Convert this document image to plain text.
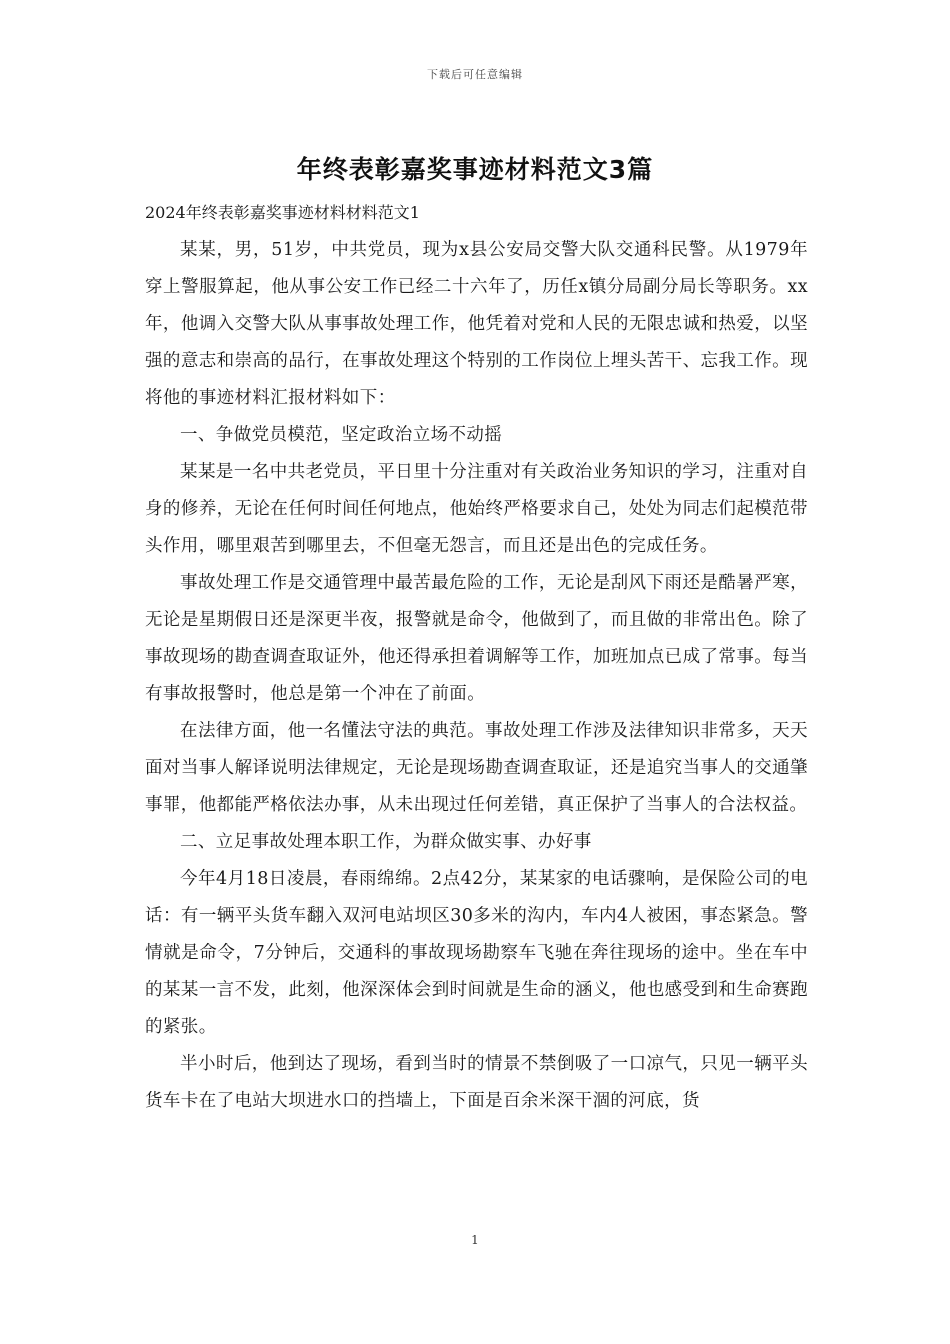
下载后可任意编辑
年终表彰嘉奖事迹材料范文3篇

2024年终表彰嘉奖事迹材料材料范文1

某某，男，51岁，中共党员，现为x县公安局交警大队交通科民警。从1979年穿上警服算起，他从事公安工作已经二十六年了，历任x镇分局副分局长等职务。xx年，他调入交警大队从事事故处理工作，他凭着对党和人民的无限忠诚和热爱，以坚强的意志和崇高的品行，在事故处理这个特别的工作岗位上埋头苦干、忘我工作。现将他的事迹材料汇报材料如下：

一、争做党员模范，坚定政治立场不动摇

某某是一名中共老党员，平日里十分注重对有关政治业务知识的学习，注重对自身的修养，无论在任何时间任何地点，他始终严格要求自己，处处为同志们起模范带头作用，哪里艰苦到哪里去，不但毫无怨言，而且还是出色的完成任务。

事故处理工作是交通管理中最苦最危险的工作，无论是刮风下雨还是酷暑严寒，无论是星期假日还是深更半夜，报警就是命令，他做到了，而且做的非常出色。除了事故现场的勘查调查取证外，他还得承担着调解等工作，加班加点已成了常事。每当有事故报警时，他总是第一个冲在了前面。

在法律方面，他一名懂法守法的典范。事故处理工作涉及法律知识非常多，天天面对当事人解译说明法律规定，无论是现场勘查调查取证，还是追究当事人的交通肇事罪，他都能严格依法办事，从未出现过任何差错，真正保护了当事人的合法权益。

二、立足事故处理本职工作，为群众做实事、办好事

今年4月18日凌晨，春雨绵绵。2点42分，某某家的电话骤响，是保险公司的电话：有一辆平头货车翻入双河电站坝区30多米的沟内，车内4人被困，事态紧急。警情就是命令，7分钟后，交通科的事故现场勘察车飞驰在奔往现场的途中。坐在车中的某某一言不发，此刻，他深深体会到时间就是生命的涵义，他也感受到和生命赛跑的紧张。

半小时后，他到达了现场，看到当时的情景不禁倒吸了一口凉气，只见一辆平头货车卡在了电站大坝进水口的挡墙上，下面是百余米深干涸的河底，货

1
